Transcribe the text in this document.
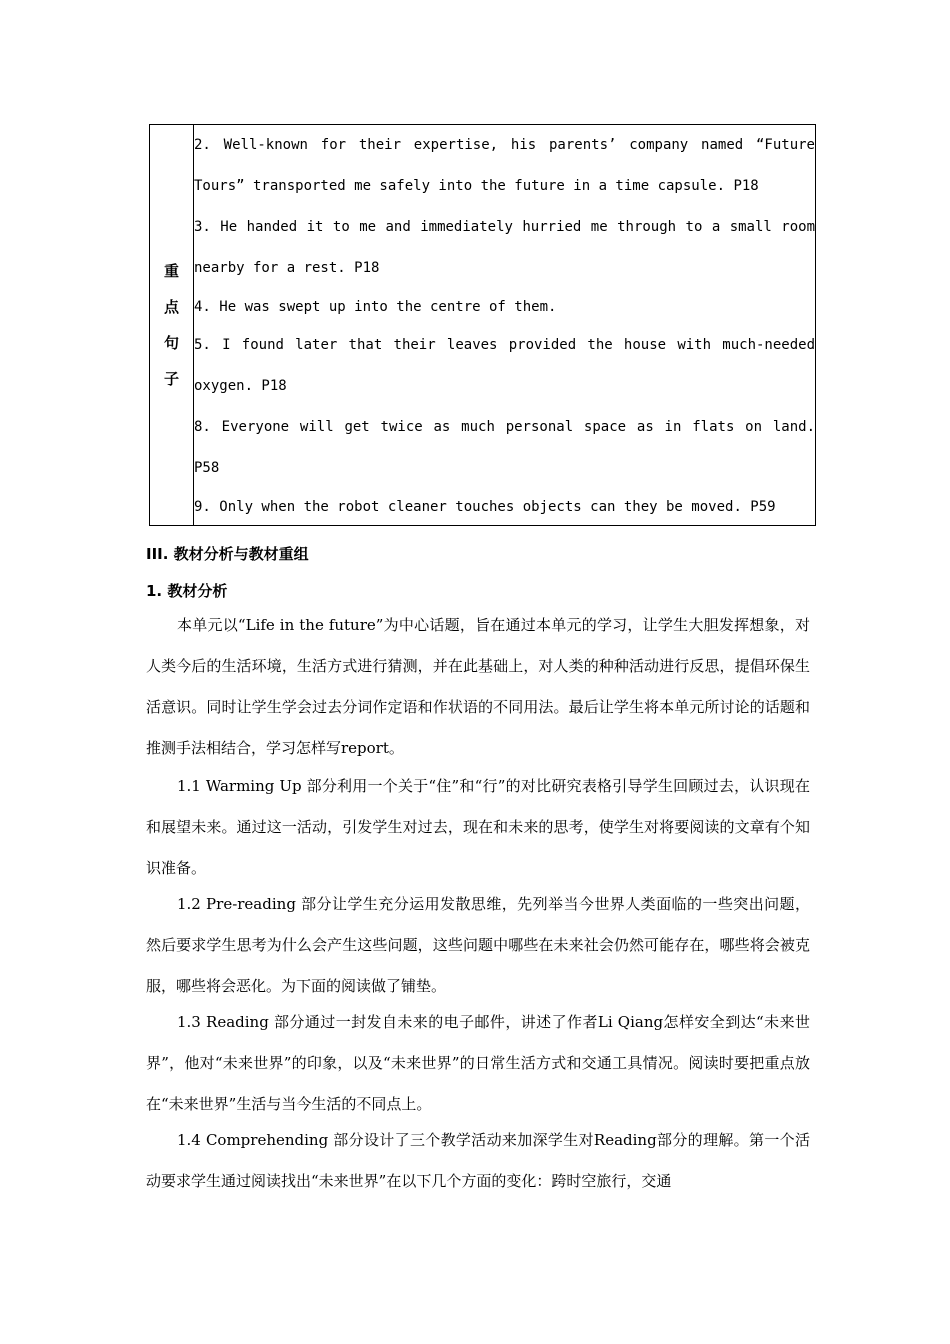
重
点
句
子

2. Well-known for their expertise, his parents’ company named “Future Tours” transported me safely into the future in a time capsule. P18

3. He handed it to me and immediately hurried me through to a small room nearby for a rest. P18

4. He was swept up into the centre of them.

5. I found later that their leaves provided the house with much-needed oxygen. P18

8. Everyone will get twice as much personal space as in flats on land. P58

9. Only when the robot cleaner touches objects can they be moved. P59

III. 教材分析与教材重组
1. 教材分析

本单元以“Life in the future”为中心话题，旨在通过本单元的学习，让学生大胆发挥想象，对人类今后的生活环境，生活方式进行猜测，并在此基础上，对人类的种种活动进行反思，提倡环保生活意识。同时让学生学会过去分词作定语和作状语的不同用法。最后让学生将本单元所讨论的话题和推测手法相结合，学习怎样写report。

1.1 Warming Up 部分利用一个关于“住”和“行”的对比研究表格引导学生回顾过去，认识现在和展望未来。通过这一活动，引发学生对过去，现在和未来的思考，使学生对将要阅读的文章有个知识准备。

1.2 Pre-reading 部分让学生充分运用发散思维，先列举当今世界人类面临的一些突出问题，然后要求学生思考为什么会产生这些问题，这些问题中哪些在未来社会仍然可能存在，哪些将会被克服，哪些将会恶化。为下面的阅读做了铺垫。

1.3 Reading 部分通过一封发自未来的电子邮件，讲述了作者Li Qiang怎样安全到达“未来世界”，他对“未来世界”的印象，以及“未来世界”的日常生活方式和交通工具情况。阅读时要把重点放在“未来世界”生活与当今生活的不同点上。

1.4 Comprehending 部分设计了三个教学活动来加深学生对Reading部分的理解。第一个活动要求学生通过阅读找出“未来世界”在以下几个方面的变化：跨时空旅行，交通
